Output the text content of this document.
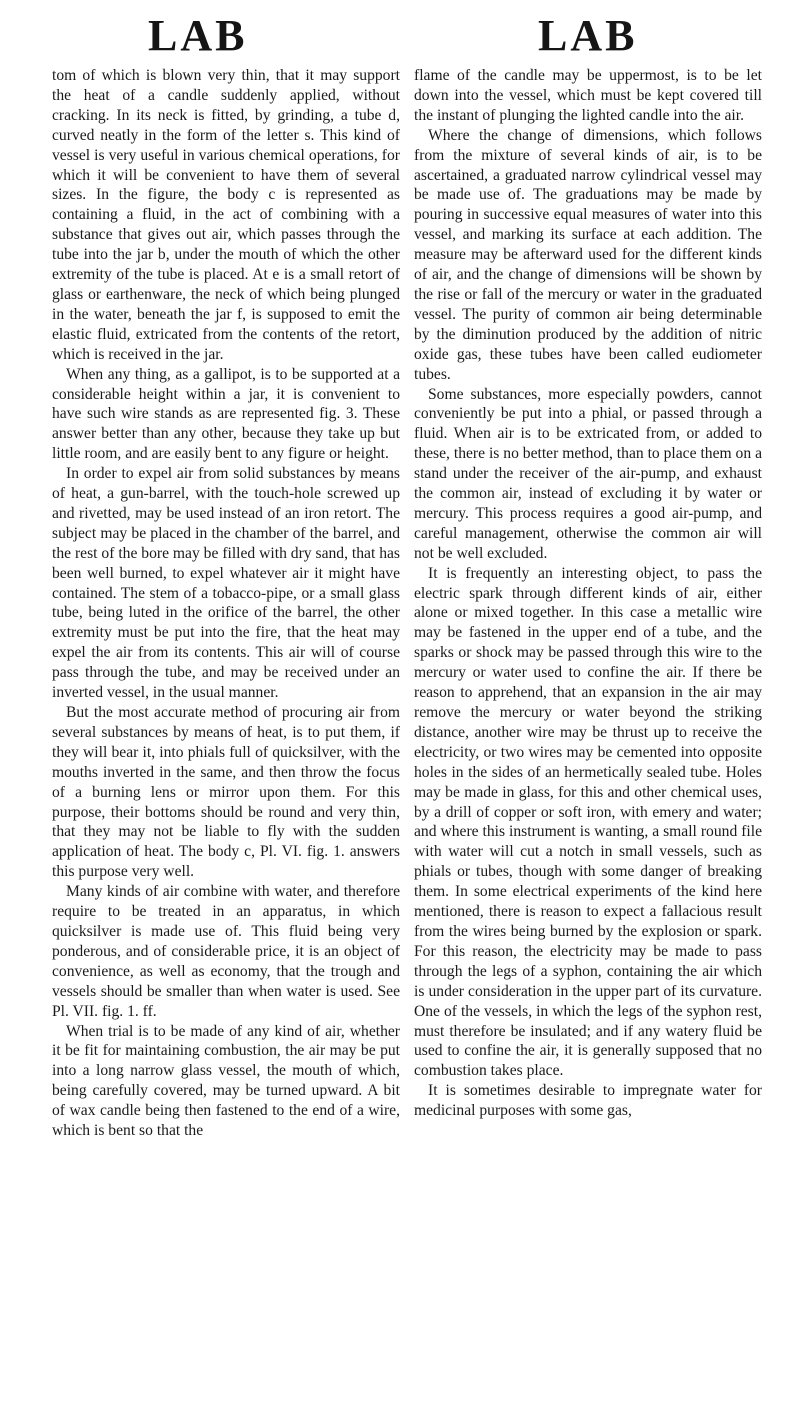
LAB	LAB

tom of which is blown very thin, that it may support the heat of a candle suddenly applied, without cracking. In its neck is fitted, by grinding, a tube d, curved neatly in the form of the letter s. This kind of vessel is very useful in various chemical operations, for which it will be convenient to have them of several sizes. In the figure, the body c is represented as containing a fluid, in the act of combining with a substance that gives out air, which passes through the tube into the jar b, under the mouth of which the other extremity of the tube is placed. At e is a small retort of glass or earthenware, the neck of which being plunged in the water, beneath the jar f, is supposed to emit the elastic fluid, extricated from the contents of the retort, which is received in the jar.

When any thing, as a gallipot, is to be supported at a considerable height within a jar, it is convenient to have such wire stands as are represented fig. 3. These answer better than any other, because they take up but little room, and are easily bent to any figure or height.

In order to expel air from solid substances by means of heat, a gun-barrel, with the touch-hole screwed up and rivetted, may be used instead of an iron retort. The subject may be placed in the chamber of the barrel, and the rest of the bore may be filled with dry sand, that has been well burned, to expel whatever air it might have contained. The stem of a tobacco-pipe, or a small glass tube, being luted in the orifice of the barrel, the other extremity must be put into the fire, that the heat may expel the air from its contents. This air will of course pass through the tube, and may be received under an inverted vessel, in the usual manner.

But the most accurate method of procuring air from several substances by means of heat, is to put them, if they will bear it, into phials full of quicksilver, with the mouths inverted in the same, and then throw the focus of a burning lens or mirror upon them. For this purpose, their bottoms should be round and very thin, that they may not be liable to fly with the sudden application of heat. The body c, Pl. VI. fig. 1. answers this purpose very well.

Many kinds of air combine with water, and therefore require to be treated in an apparatus, in which quicksilver is made use of. This fluid being very ponderous, and of considerable price, it is an object of convenience, as well as economy, that the trough and vessels should be smaller than when water is used. See Pl. VII. fig. 1. ff.

When trial is to be made of any kind of air, whether it be fit for maintaining combustion, the air may be put into a long narrow glass vessel, the mouth of which, being carefully covered, may be turned upward. A bit of wax candle being then fastened to the end of a wire, which is bent so that the

flame of the candle may be uppermost, is to be let down into the vessel, which must be kept covered till the instant of plunging the lighted candle into the air.

Where the change of dimensions, which follows from the mixture of several kinds of air, is to be ascertained, a graduated narrow cylindrical vessel may be made use of. The graduations may be made by pouring in successive equal measures of water into this vessel, and marking its surface at each addition. The measure may be afterward used for the different kinds of air, and the change of dimensions will be shown by the rise or fall of the mercury or water in the graduated vessel. The purity of common air being determinable by the diminution produced by the addition of nitric oxide gas, these tubes have been called eudiometer tubes.

Some substances, more especially powders, cannot conveniently be put into a phial, or passed through a fluid. When air is to be extricated from, or added to these, there is no better method, than to place them on a stand under the receiver of the air-pump, and exhaust the common air, instead of excluding it by water or mercury. This process requires a good air-pump, and careful management, otherwise the common air will not be well excluded.

It is frequently an interesting object, to pass the electric spark through different kinds of air, either alone or mixed together. In this case a metallic wire may be fastened in the upper end of a tube, and the sparks or shock may be passed through this wire to the mercury or water used to confine the air. If there be reason to apprehend, that an expansion in the air may remove the mercury or water beyond the striking distance, another wire may be thrust up to receive the electricity, or two wires may be cemented into opposite holes in the sides of an hermetically sealed tube. Holes may be made in glass, for this and other chemical uses, by a drill of copper or soft iron, with emery and water; and where this instrument is wanting, a small round file with water will cut a notch in small vessels, such as phials or tubes, though with some danger of breaking them. In some electrical experiments of the kind here mentioned, there is reason to expect a fallacious result from the wires being burned by the explosion or spark. For this reason, the electricity may be made to pass through the legs of a syphon, containing the air which is under consideration in the upper part of its curvature. One of the vessels, in which the legs of the syphon rest, must therefore be insulated; and if any watery fluid be used to confine the air, it is generally supposed that no combustion takes place.

It is sometimes desirable to impregnate water for medicinal purposes with some gas,
